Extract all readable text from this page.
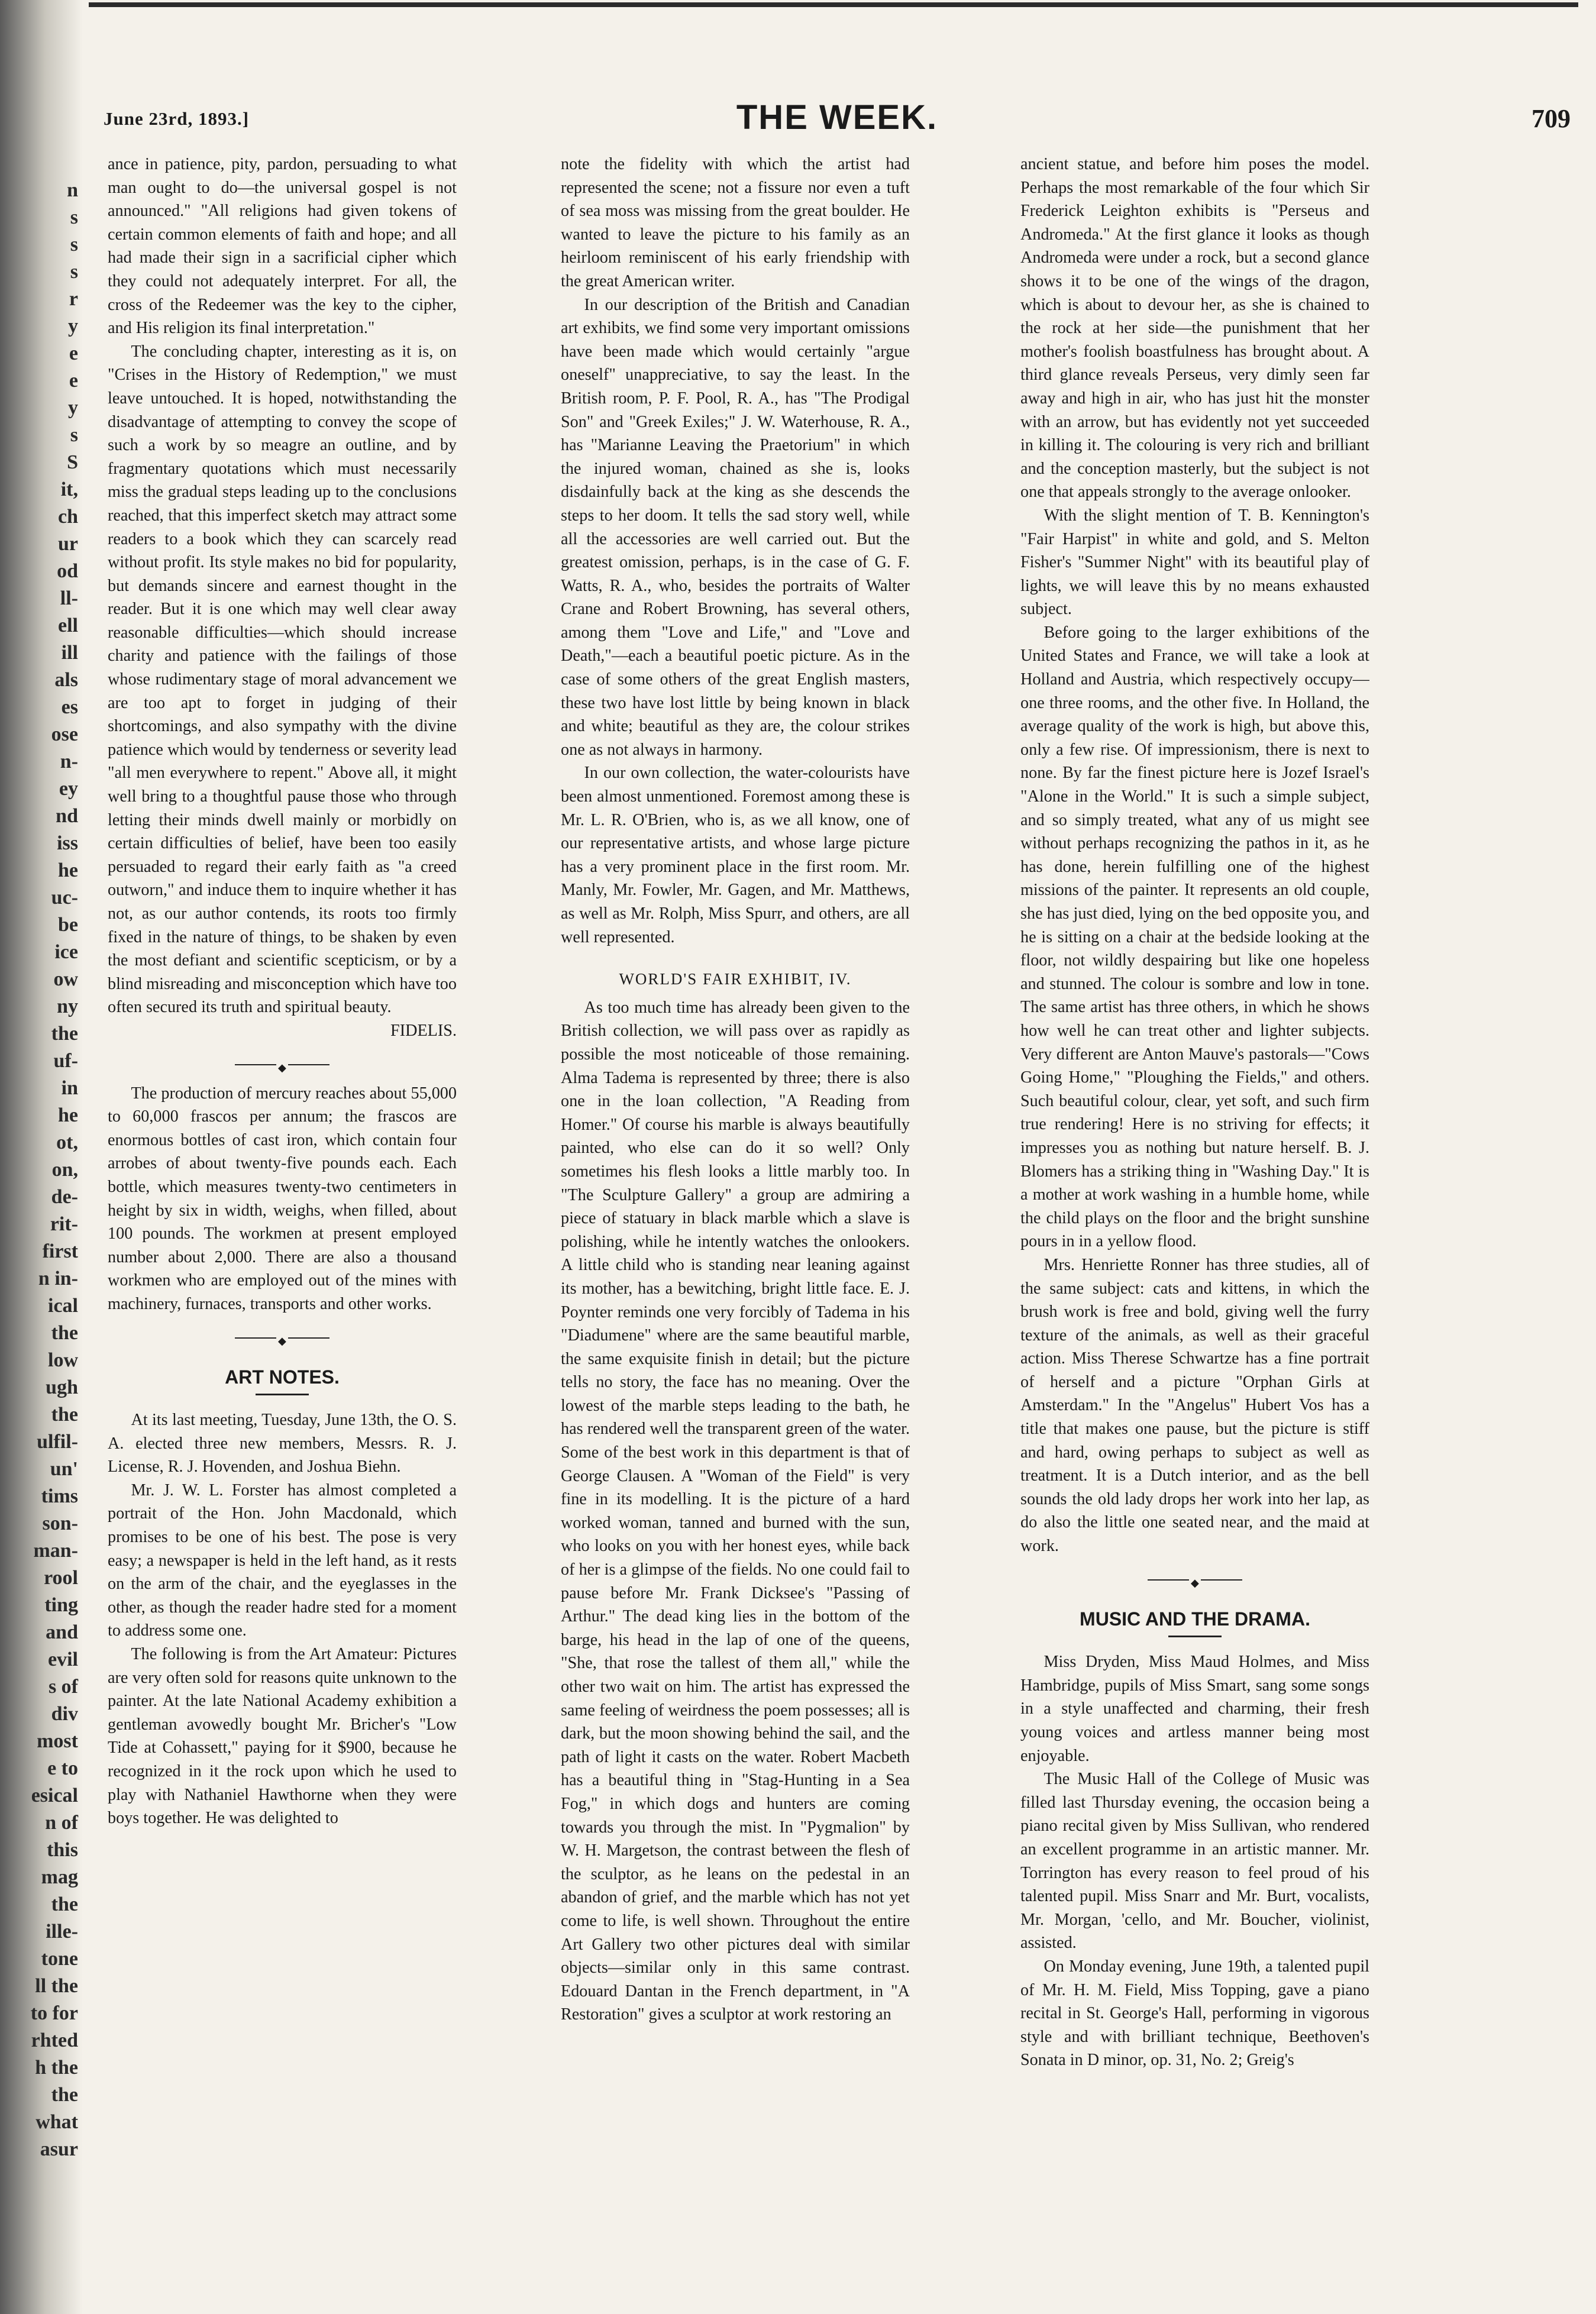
n
s
s
s
r
y
e
e
y
s
S
it,
ch
ur
od
ll-
ell
ill
als
es
ose
n-
ey
nd
iss
he
uc-
be
ice
ow
ny
the
uf-
in
he
ot,
on,
de-
rit-
first
n in-
ical
the
low
ugh
the
ulfil-
un'
tims
son-
man-
rool
ting
and
evil
s of
div
most
e to
esical
n of
this
mag
the
ille-
tone
ll the
to for
rhted
h the
the
what
asur
June 23rd, 1893.]	THE WEEK.	709

ance in patience, pity, pardon, persuading to what man ought to do—the universal gospel is not announced." "All religions had given tokens of certain common elements of faith and hope; and all had made their sign in a sacrificial cipher which they could not adequately interpret. For all, the cross of the Redeemer was the key to the cipher, and His religion its final interpretation."

The concluding chapter, interesting as it is, on "Crises in the History of Redemption," we must leave untouched. It is hoped, notwithstanding the disadvantage of attempting to convey the scope of such a work by so meagre an outline, and by fragmentary quotations which must necessarily miss the gradual steps leading up to the conclusions reached, that this imperfect sketch may attract some readers to a book which they can scarcely read without profit. Its style makes no bid for popularity, but demands sincere and earnest thought in the reader. But it is one which may well clear away reasonable difficulties—which should increase charity and patience with the failings of those whose rudimentary stage of moral advancement we are too apt to forget in judging of their shortcomings, and also sympathy with the divine patience which would by tenderness or severity lead "all men everywhere to repent." Above all, it might well bring to a thoughtful pause those who through letting their minds dwell mainly or morbidly on certain difficulties of belief, have been too easily persuaded to regard their early faith as "a creed outworn," and induce them to inquire whether it has not, as our author contends, its roots too firmly fixed in the nature of things, to be shaken by even the most defiant and scientific scepticism, or by a blind misreading and misconception which have too often secured its truth and spiritual beauty.

FIDELIS.

◆

The production of mercury reaches about 55,000 to 60,000 frascos per annum; the frascos are enormous bottles of cast iron, which contain four arrobes of about twenty-five pounds each. Each bottle, which measures twenty-two centimeters in height by six in width, weighs, when filled, about 100 pounds. The workmen at present employed number about 2,000. There are also a thousand workmen who are employed out of the mines with machinery, furnaces, transports and other works.

◆
ART NOTES.

At its last meeting, Tuesday, June 13th, the O. S. A. elected three new members, Messrs. R. J. License, R. J. Hovenden, and Joshua Biehn.

Mr. J. W. L. Forster has almost completed a portrait of the Hon. John Macdonald, which promises to be one of his best. The pose is very easy; a newspaper is held in the left hand, as it rests on the arm of the chair, and the eyeglasses in the other, as though the reader hadre sted for a moment to address some one.

The following is from the Art Amateur: Pictures are very often sold for reasons quite unknown to the painter. At the late National Academy exhibition a gentleman avowedly bought Mr. Bricher's "Low Tide at Cohassett," paying for it $900, because he recognized in it the rock upon which he used to play with Nathaniel Hawthorne when they were boys together. He was delighted to

note the fidelity with which the artist had represented the scene; not a fissure nor even a tuft of sea moss was missing from the great boulder. He wanted to leave the picture to his family as an heirloom reminiscent of his early friendship with the great American writer.

In our description of the British and Canadian art exhibits, we find some very important omissions have been made which would certainly "argue oneself" unappreciative, to say the least. In the British room, P. F. Pool, R. A., has "The Prodigal Son" and "Greek Exiles;" J. W. Waterhouse, R. A., has "Marianne Leaving the Praetorium" in which the injured woman, chained as she is, looks disdainfully back at the king as she descends the steps to her doom. It tells the sad story well, while all the accessories are well carried out. But the greatest omission, perhaps, is in the case of G. F. Watts, R. A., who, besides the portraits of Walter Crane and Robert Browning, has several others, among them "Love and Life," and "Love and Death,"—each a beautiful poetic picture. As in the case of some others of the great English masters, these two have lost little by being known in black and white; beautiful as they are, the colour strikes one as not always in harmony.

In our own collection, the water-colourists have been almost unmentioned. Foremost among these is Mr. L. R. O'Brien, who is, as we all know, one of our representative artists, and whose large picture has a very prominent place in the first room. Mr. Manly, Mr. Fowler, Mr. Gagen, and Mr. Matthews, as well as Mr. Rolph, Miss Spurr, and others, are all well represented.

WORLD'S FAIR EXHIBIT, IV.

As too much time has already been given to the British collection, we will pass over as rapidly as possible the most noticeable of those remaining. Alma Tadema is represented by three; there is also one in the loan collection, "A Reading from Homer." Of course his marble is always beautifully painted, who else can do it so well? Only sometimes his flesh looks a little marbly too. In "The Sculpture Gallery" a group are admiring a piece of statuary in black marble which a slave is polishing, while he intently watches the onlookers. A little child who is standing near leaning against its mother, has a bewitching, bright little face. E. J. Poynter reminds one very forcibly of Tadema in his "Diadumene" where are the same beautiful marble, the same exquisite finish in detail; but the picture tells no story, the face has no meaning. Over the lowest of the marble steps leading to the bath, he has rendered well the transparent green of the water. Some of the best work in this department is that of George Clausen. A "Woman of the Field" is very fine in its modelling. It is the picture of a hard worked woman, tanned and burned with the sun, who looks on you with her honest eyes, while back of her is a glimpse of the fields. No one could fail to pause before Mr. Frank Dicksee's "Passing of Arthur." The dead king lies in the bottom of the barge, his head in the lap of one of the queens, "She, that rose the tallest of them all," while the other two wait on him. The artist has expressed the same feeling of weirdness the poem possesses; all is dark, but the moon showing behind the sail, and the path of light it casts on the water. Robert Macbeth has a beautiful thing in "Stag-Hunting in a Sea Fog," in which dogs and hunters are coming towards you through the mist. In "Pygmalion" by W. H. Margetson, the contrast between the flesh of the sculptor, as he leans on the pedestal in an abandon of grief, and the marble which has not yet come to life, is well shown. Throughout the entire Art Gallery two other pictures deal with similar objects—similar only in this same contrast. Edouard Dantan in the French department, in "A Restoration" gives a sculptor at work restoring an

ancient statue, and before him poses the model. Perhaps the most remarkable of the four which Sir Frederick Leighton exhibits is "Perseus and Andromeda." At the first glance it looks as though Andromeda were under a rock, but a second glance shows it to be one of the wings of the dragon, which is about to devour her, as she is chained to the rock at her side—the punishment that her mother's foolish boastfulness has brought about. A third glance reveals Perseus, very dimly seen far away and high in air, who has just hit the monster with an arrow, but has evidently not yet succeeded in killing it. The colouring is very rich and brilliant and the conception masterly, but the subject is not one that appeals strongly to the average onlooker.

With the slight mention of T. B. Kennington's "Fair Harpist" in white and gold, and S. Melton Fisher's "Summer Night" with its beautiful play of lights, we will leave this by no means exhausted subject.

Before going to the larger exhibitions of the United States and France, we will take a look at Holland and Austria, which respectively occupy—one three rooms, and the other five. In Holland, the average quality of the work is high, but above this, only a few rise. Of impressionism, there is next to none. By far the finest picture here is Jozef Israel's "Alone in the World." It is such a simple subject, and so simply treated, what any of us might see without perhaps recognizing the pathos in it, as he has done, herein fulfilling one of the highest missions of the painter. It represents an old couple, she has just died, lying on the bed opposite you, and he is sitting on a chair at the bedside looking at the floor, not wildly despairing but like one hopeless and stunned. The colour is sombre and low in tone. The same artist has three others, in which he shows how well he can treat other and lighter subjects. Very different are Anton Mauve's pastorals—"Cows Going Home," "Ploughing the Fields," and others. Such beautiful colour, clear, yet soft, and such firm true rendering! Here is no striving for effects; it impresses you as nothing but nature herself. B. J. Blomers has a striking thing in "Washing Day." It is a mother at work washing in a humble home, while the child plays on the floor and the bright sunshine pours in in a yellow flood.

Mrs. Henriette Ronner has three studies, all of the same subject: cats and kittens, in which the brush work is free and bold, giving well the furry texture of the animals, as well as their graceful action. Miss Therese Schwartze has a fine portrait of herself and a picture "Orphan Girls at Amsterdam." In the "Angelus" Hubert Vos has a title that makes one pause, but the picture is stiff and hard, owing perhaps to subject as well as treatment. It is a Dutch interior, and as the bell sounds the old lady drops her work into her lap, as do also the little one seated near, and the maid at work.

◆
MUSIC AND THE DRAMA.

Miss Dryden, Miss Maud Holmes, and Miss Hambridge, pupils of Miss Smart, sang some songs in a style unaffected and charming, their fresh young voices and artless manner being most enjoyable.

The Music Hall of the College of Music was filled last Thursday evening, the occasion being a piano recital given by Miss Sullivan, who rendered an excellent programme in an artistic manner. Mr. Torrington has every reason to feel proud of his talented pupil. Miss Snarr and Mr. Burt, vocalists, Mr. Morgan, 'cello, and Mr. Boucher, violinist, assisted.

On Monday evening, June 19th, a talented pupil of Mr. H. M. Field, Miss Topping, gave a piano recital in St. George's Hall, performing in vigorous style and with brilliant technique, Beethoven's Sonata in D minor, op. 31, No. 2; Greig's
